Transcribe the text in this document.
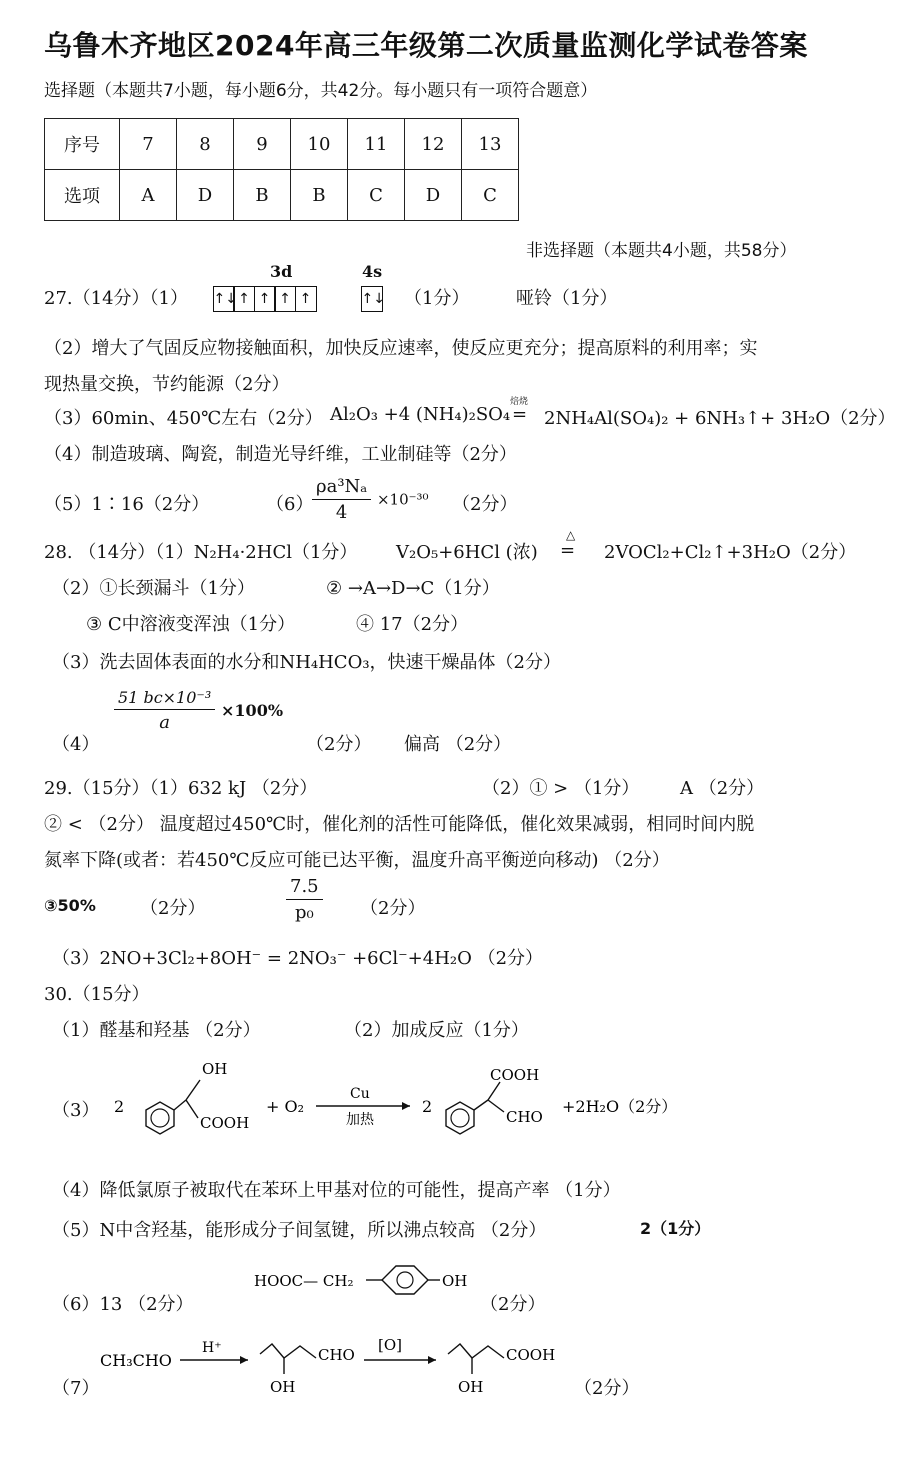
乌鲁木齐地区2024年高三年级第二次质量监测化学试卷答案
选择题（本题共7小题，每小题6分，共42分。每小题只有一项符合题意）
序号	7	8	9	10	11	12	13
选项	A	D	B	B	C	D	C
非选择题（本题共4小题，共58分）
27.（14分）（1）
3d	4s
↑↓↑ ↑ ↑ ↑	↑↓ （1分）	哑铃（1分）
（2）增大了气固反应物接触面积，加快反应速率，使反应更充分；提高原料的利用率；实
现热量交换，节约能源（2分）
（3）60min、450℃左右（2分） Al₂O₃ +4 (NH₄)₂SO₄
焙烧
= 2NH₄Al(SO₄)₂ + 6NH₃↑+ 3H₂O（2分）
（4）制造玻璃、陶瓷，制造光导纤维，工业制硅等（2分）
（5）1∶16（2分）	（6）
$\frac{\text{ρa³Nₐ}}{4} \times 10^{-30}$ （2分）
28. （14分）（1）N₂H₄·2HCl（1分） V₂O₅+6HCl (浓)
△
= 2VOCl₂+Cl₂↑+3H₂O（2分）
（2）①长颈漏斗（1分）	② →A→D→C（1分）
③ C中溶液变浑浊（1分）	④ 17（2分）
（3）洗去固体表面的水分和NH₄HCO₃，快速干燥晶体（2分）
$\frac{\text{51 bc×10⁻³}}{a} \times 100\%$
（4）	（2分） 偏高 （2分）
29.（15分）（1）632 kJ （2分）	（2）① > （1分） A （2分）
② < （2分） 温度超过450℃时，催化剂的活性可能降低，催化效果减弱，相同时间内脱
氮率下降(或者：若450℃反应可能已达平衡，温度升高平衡逆向移动) （2分）
③50% （2分）	$\frac{7.5}{\text{p₀}} (2$分）
（3）2NO+3Cl₂+8OH⁻ = 2NO₃⁻ +6Cl⁻+4H₂O （2分）
30.（15分）
（1）醛基和羟基 （2分）	（2）加成反应（1分）
（3） 2
OH
COOH
+ O₂
Cu
加热
2
COOH
CHO
+2H₂O（2分）
（4）降低氯原子被取代在苯环上甲基对位的可能性，提高产率 （1分）
（5）N中含羟基，能形成分子间氢键，所以沸点较高 （2分）	2（1分）
（6）13 （2分）
HOOC— CH₂	OH
（2分）
（7）
CH₃CHO
H⁺	CHO
OH
[O]
COOH
OH	（2分）
